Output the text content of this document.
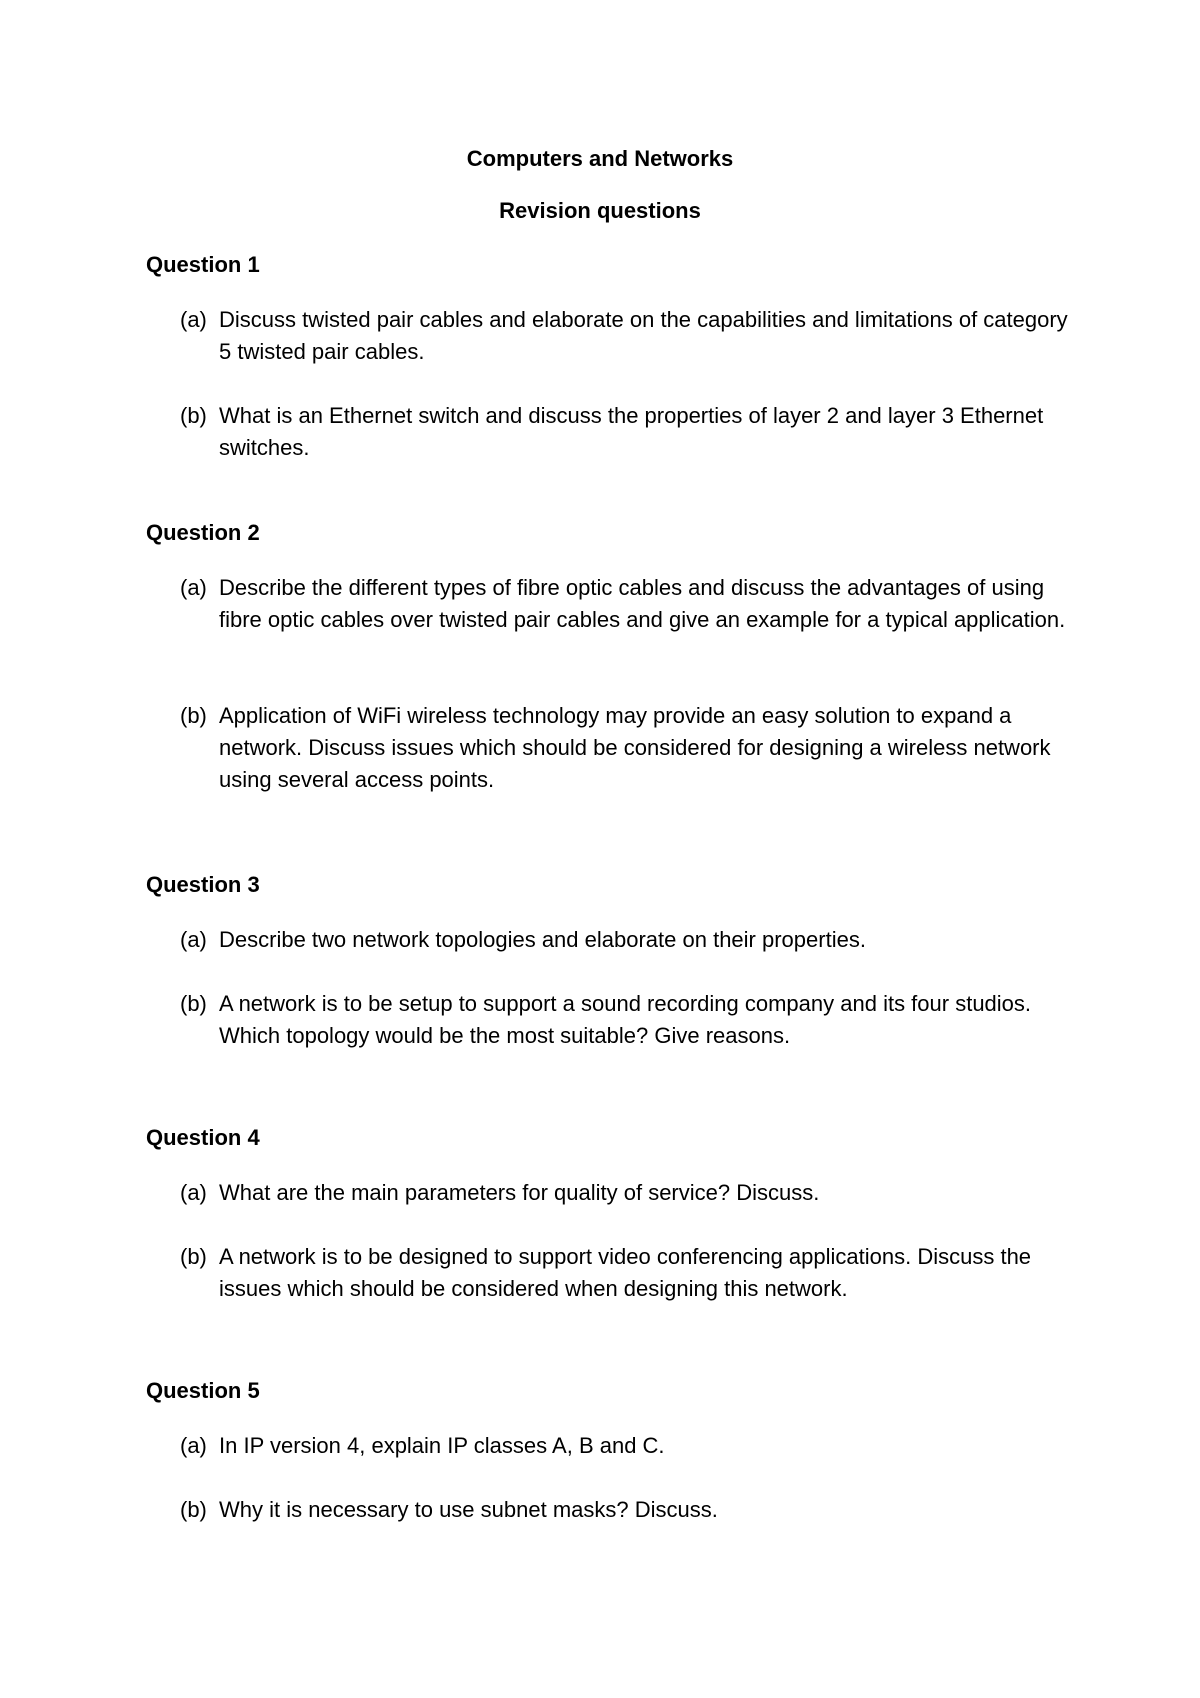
Computers and Networks
Revision questions
Question 1
(a) Discuss twisted pair cables and elaborate on the capabilities and limitations of category 5 twisted pair cables.
(b) What is an Ethernet switch and discuss the properties of layer 2 and layer 3 Ethernet switches.
Question 2
(a) Describe the different types of fibre optic cables and discuss the advantages of using fibre optic cables over twisted pair cables and give an example for a typical application.
(b) Application of WiFi wireless technology may provide an easy solution to expand a network. Discuss issues which should be considered for designing a wireless network using several access points.
Question 3
(a) Describe two network topologies and elaborate on their properties.
(b) A network is to be setup to support a sound recording company and its four studios. Which topology would be the most suitable? Give reasons.
Question 4
(a) What are the main parameters for quality of service? Discuss.
(b) A network is to be designed to support video conferencing applications. Discuss the issues which should be considered when designing this network.
Question 5
(a) In IP version 4, explain IP classes A, B and C.
(b) Why it is necessary to use subnet masks? Discuss.
